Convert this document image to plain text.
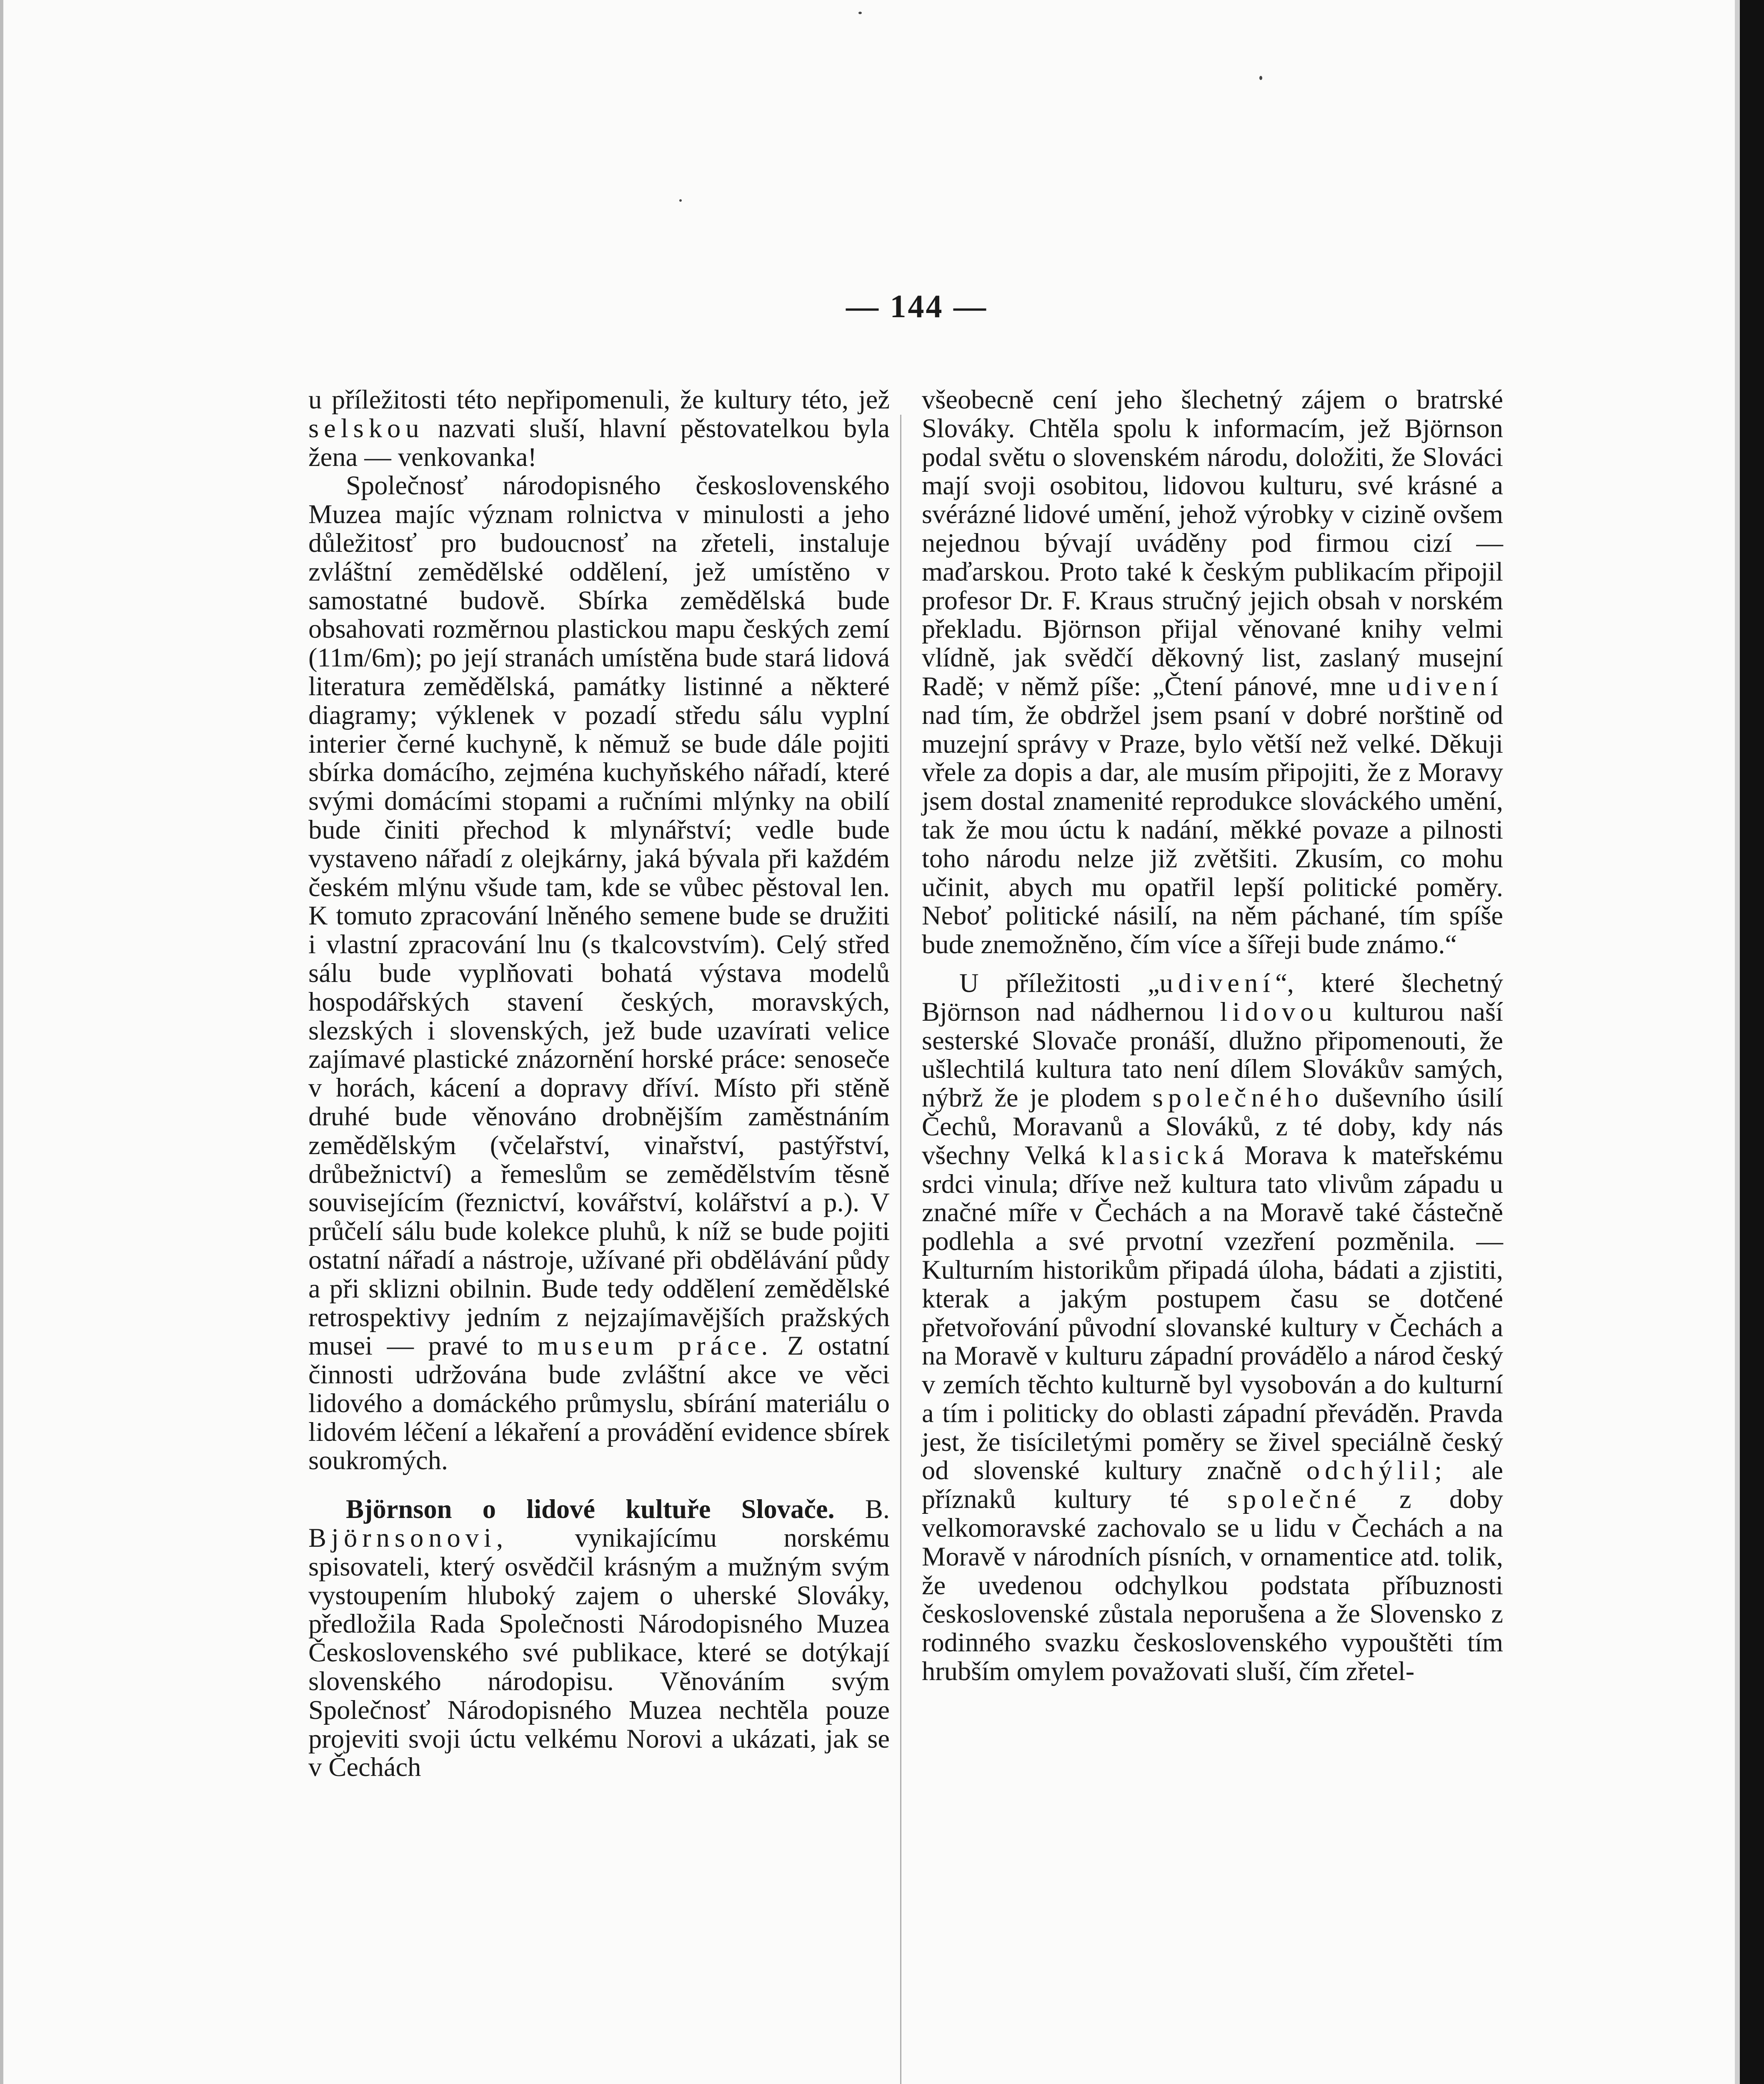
— 144 —

u příležitosti této nepřipomenuli, že kultury této, jež selskou nazvati sluší, hlavní pěstovatelkou byla žena — venkovanka!

Společnosť národopisného československého Muzea majíc význam rolnictva v minulosti a jeho důležitosť pro budoucnosť na zřeteli, instaluje zvláštní zemědělské oddělení, jež umístěno v samostatné budově. Sbírka zemědělská bude obsahovati rozměrnou plastickou mapu českých zemí (11m/6m); po její stranách umístěna bude stará lidová literatura zemědělská, památky listinné a některé diagramy; výklenek v pozadí středu sálu vyplní interier černé kuchyně, k němuž se bude dále pojiti sbírka domácího, zejména kuchyňského nářadí, které svými domácími stopami a ručními mlýnky na obilí bude činiti přechod k mlynářství; vedle bude vystaveno nářadí z olejkárny, jaká bývala při každém českém mlýnu všude tam, kde se vůbec pěstoval len. K tomuto zpracování lněného semene bude se družiti i vlastní zpracování lnu (s tkalcovstvím). Celý střed sálu bude vyplňovati bohatá výstava modelů hospodářských stavení českých, moravských, slezských i slovenských, jež bude uzavírati velice zajímavé plastické znázornění horské práce: senoseče v horách, kácení a dopravy dříví. Místo při stěně druhé bude věnováno drobnějším zaměstnáním zemědělským (včelařství, vinařství, pastýřství, drůbežnictví) a řemeslům se zemědělstvím těsně souvisejícím (řeznictví, kovářství, kolářství a p.). V průčelí sálu bude kolekce pluhů, k níž se bude pojiti ostatní nářadí a nástroje, užívané při obdělávání půdy a při sklizni obilnin. Bude tedy oddělení zemědělské retrospektivy jedním z nejzajímavějších pražských musei — pravé to museum práce. Z ostatní činnosti udržována bude zvláštní akce ve věci lidového a domáckého průmyslu, sbírání materiálu o lidovém léčení a lékaření a provádění evidence sbírek soukromých.

Björnson o lidové kultuře Slovače. B. Björnsonovi, vynikajícímu norskému spisovateli, který osvědčil krásným a mužným svým vystoupením hluboký zajem o uherské Slováky, předložila Rada Společnosti Národopisného Muzea Československého své publikace, které se dotýkají slovenského národopisu. Věnováním svým Společnosť Národopisného Muzea nechtěla pouze projeviti svoji úctu velkému Norovi a ukázati, jak se v Čechách

všeobecně cení jeho šlechetný zájem o bratrské Slováky. Chtěla spolu k informacím, jež Björnson podal světu o slovenském národu, doložiti, že Slováci mají svoji osobitou, lidovou kulturu, své krásné a svérázné lidové umění, jehož výrobky v cizině ovšem nejednou bývají uváděny pod firmou cizí — maďarskou. Proto také k českým publikacím připojil profesor Dr. F. Kraus stručný jejich obsah v norském překladu. Björnson přijal věnované knihy velmi vlídně, jak svědčí děkovný list, zaslaný musejní Radě; v němž píše: „Čtení pánové, mne udivení nad tím, že obdržel jsem psaní v dobré norštině od muzejní správy v Praze, bylo větší než velké. Děkuji vřele za dopis a dar, ale musím připojiti, že z Moravy jsem dostal znamenité reprodukce slováckého umění, tak že mou úctu k nadání, měkké povaze a pilnosti toho národu nelze již zvětšiti. Zkusím, co mohu učinit, abych mu opatřil lepší politické poměry. Neboť politické násilí, na něm páchané, tím spíše bude znemožněno, čím více a šířeji bude známo.“

U příležitosti „udivení“, které šlechetný Björnson nad nádhernou lidovou kulturou naší sesterské Slovače pronáší, dlužno připomenouti, že ušlechtilá kultura tato není dílem Slovákův samých, nýbrž že je plodem společného duševního úsilí Čechů, Moravanů a Slováků, z té doby, kdy nás všechny Velká klasická Morava k mateřskému srdci vinula; dříve než kultura tato vlivům západu u značné míře v Čechách a na Moravě také částečně podlehla a své prvotní vzezření pozměnila. — Kulturním historikům připadá úloha, bádati a zjistiti, kterak a jakým postupem času se dotčené přetvořování původní slovanské kultury v Čechách a na Moravě v kulturu západní provádělo a národ český v zemích těchto kulturně byl vysobován a do kulturní a tím i politicky do oblasti západní převáděn. Pravda jest, že tisíciletými poměry se živel speciálně český od slovenské kultury značně odchýlil; ale příznaků kultury té společné z doby velkomoravské zachovalo se u lidu v Čechách a na Moravě v národních písních, v ornamentice atd. tolik, že uvedenou odchylkou podstata příbuznosti československé zůstala neporušena a že Slovensko z rodinného svazku československého vypouštěti tím hrubším omylem považovati sluší, čím zřetel-
